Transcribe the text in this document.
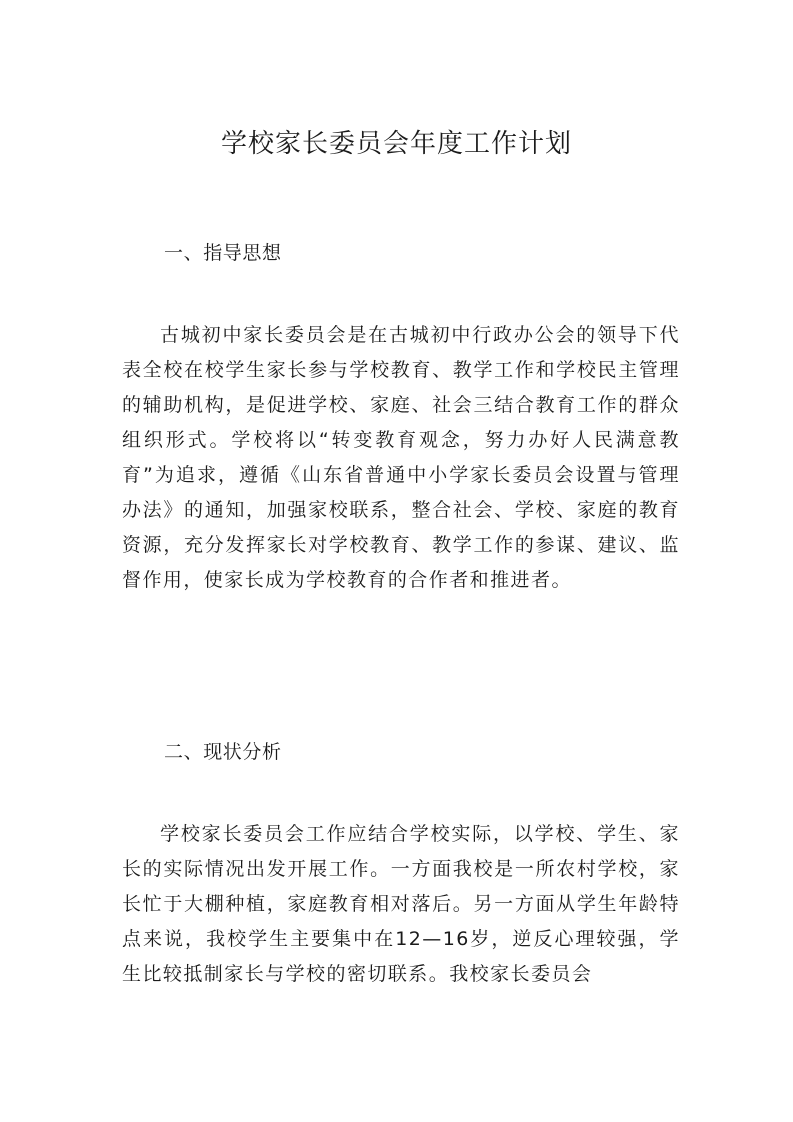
学校家长委员会年度工作计划
一、指导思想

古城初中家长委员会是在古城初中行政办公会的领导下代表全校在校学生家长参与学校教育、教学工作和学校民主管理的辅助机构，是促进学校、家庭、社会三结合教育工作的群众组织形式。学校将以“转变教育观念，努力办好人民满意教育”为追求，遵循《山东省普通中小学家长委员会设置与管理办法》的通知，加强家校联系，整合社会、学校、家庭的教育资源，充分发挥家长对学校教育、教学工作的参谋、建议、监督作用，使家长成为学校教育的合作者和推进者。

二、现状分析

学校家长委员会工作应结合学校实际，以学校、学生、家长的实际情况出发开展工作。一方面我校是一所农村学校，家长忙于大棚种植，家庭教育相对落后。另一方面从学生年龄特点来说，我校学生主要集中在12—16岁，逆反心理较强，学生比较抵制家长与学校的密切联系。我校家长委员会
